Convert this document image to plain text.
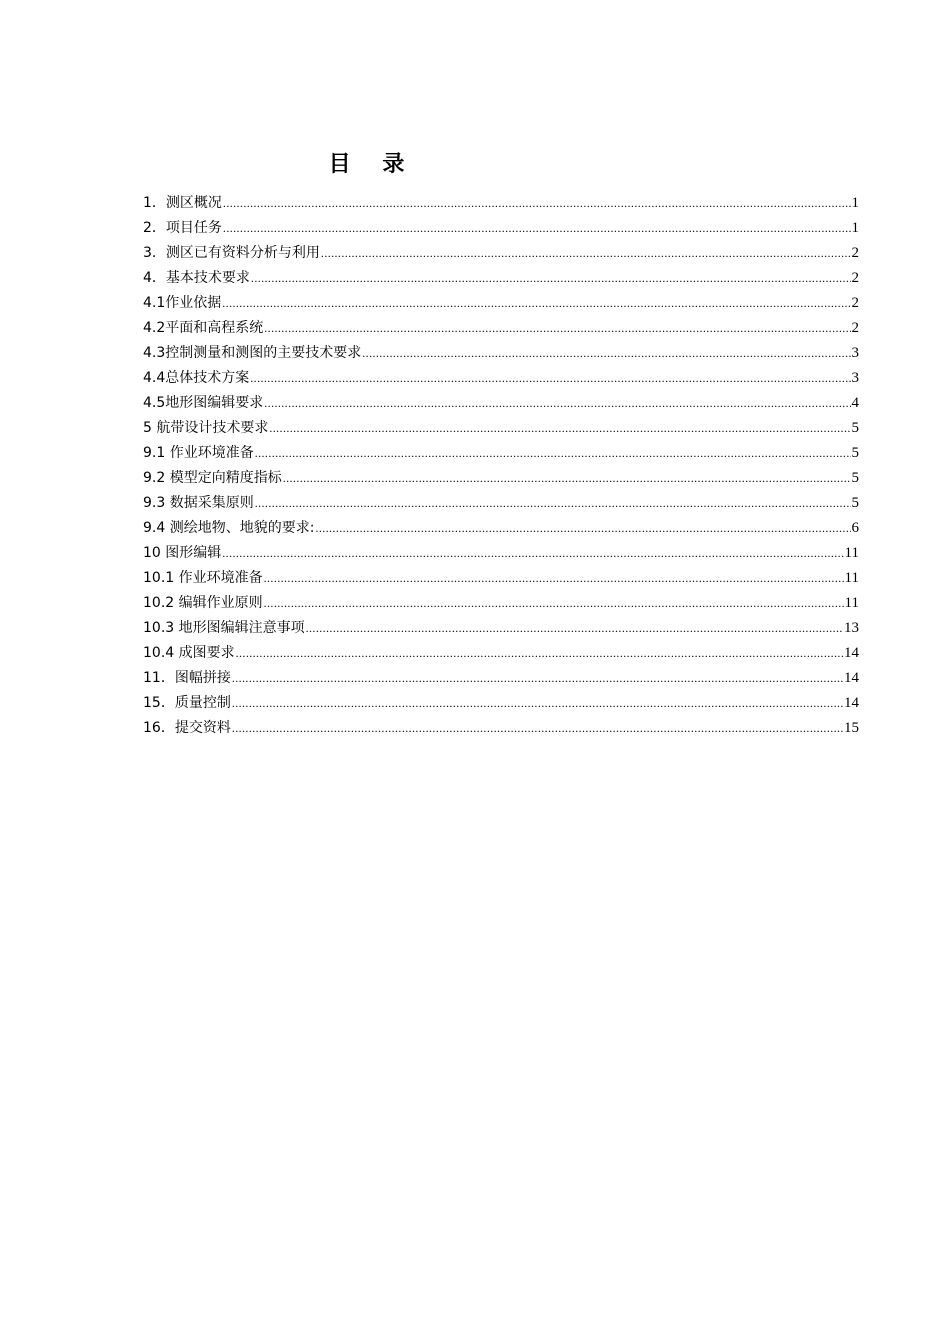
目 录
1．测区概况 .....	1
2．项目任务 .....	1
3．测区已有资料分析与利用 .....	2
4．基本技术要求 .....	2
4.1作业依据 .....	2
4.2平面和高程系统 .....	2
4.3控制测量和测图的主要技术要求 .....	3
4.4总体技术方案 .....	3
4.5地形图编辑要求 .....	4
5 航带设计技术要求 .....	5
9.1 作业环境准备 .....	5
9.2 模型定向精度指标 .....	5
9.3 数据采集原则 .....	5
9.4 测绘地物、地貌的要求: .....	6
10 图形编辑 .....	11
10.1 作业环境准备 .....	11
10.2 编辑作业原则 .....	11
10.3 地形图编辑注意事项 .....	13
10.4 成图要求 .....	14
11．图幅拼接 .....	14
15．质量控制 .....	14
16．提交资料 .....	15
